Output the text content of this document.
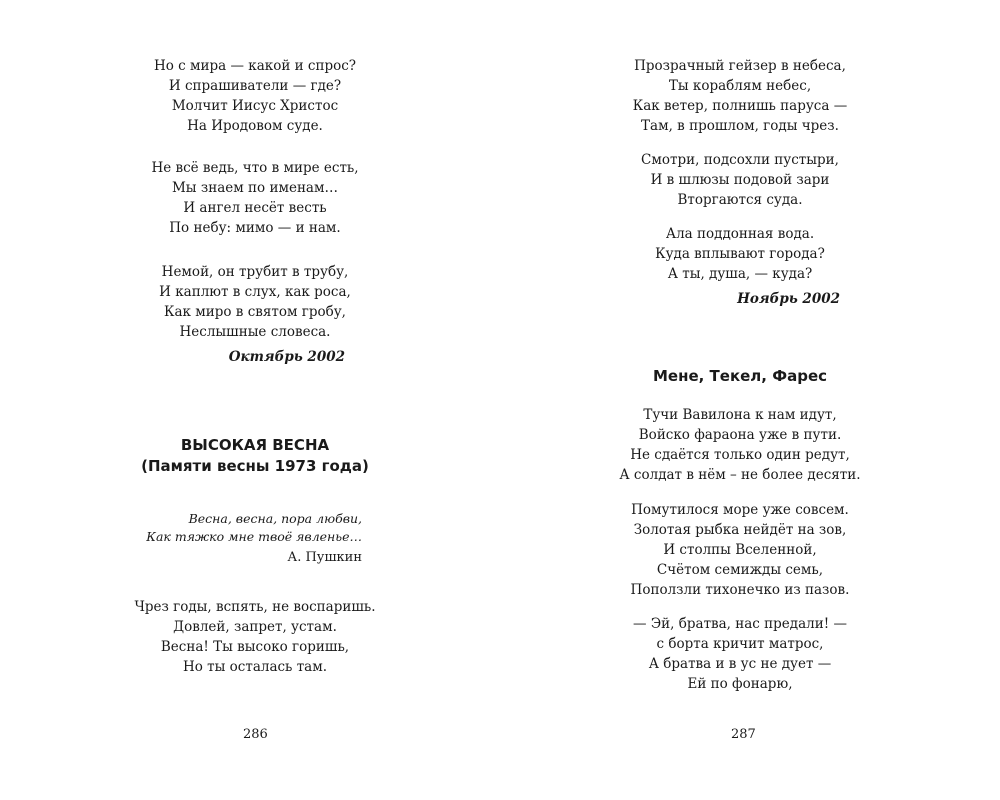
Но с мира — какой и спрос?
И спрашиватели — где?
Молчит Иисус Христос
На Иродовом суде.
Не всё ведь, что в мире есть,
Мы знаем по именам…
И ангел несёт весть
По небу: мимо — и нам.
Немой, он трубит в трубу,
И каплют в слух, как роса,
Как миро в святом гробу,
Неслышные словеса.
Октябрь 2002
ВЫСОКАЯ ВЕСНА
(Памяти весны 1973 года)
Весна, весна, пора любви,
Как тяжко мне твоё явленье…
А. Пушкин
Чрез годы, вспять, не воспаришь.
Довлей, запрет, устам.
Весна! Ты высоко горишь,
Но ты осталась там.
286
Прозрачный гейзер в небеса,
Ты кораблям небес,
Как ветер, полнишь паруса —
Там, в прошлом, годы чрез.
Смотри, подсохли пустыри,
И в шлюзы подовой зари
Вторгаются суда.
Ала поддонная вода.
Куда вплывают города?
А ты, душа, — куда?
Ноябрь 2002
Мене, Текел, Фарес
Тучи Вавилона к нам идут,
Войско фараона уже в пути.
Не сдаётся только один редут,
А солдат в нём – не более десяти.
Помутилося море уже совсем.
Золотая рыбка нейдёт на зов,
И столпы Вселенной,
Счётом семижды семь,
Поползли тихонечко из пазов.
— Эй, братва, нас предали! —
с борта кричит матрос,
А братва и в ус не дует —
Ей по фонарю,
287
